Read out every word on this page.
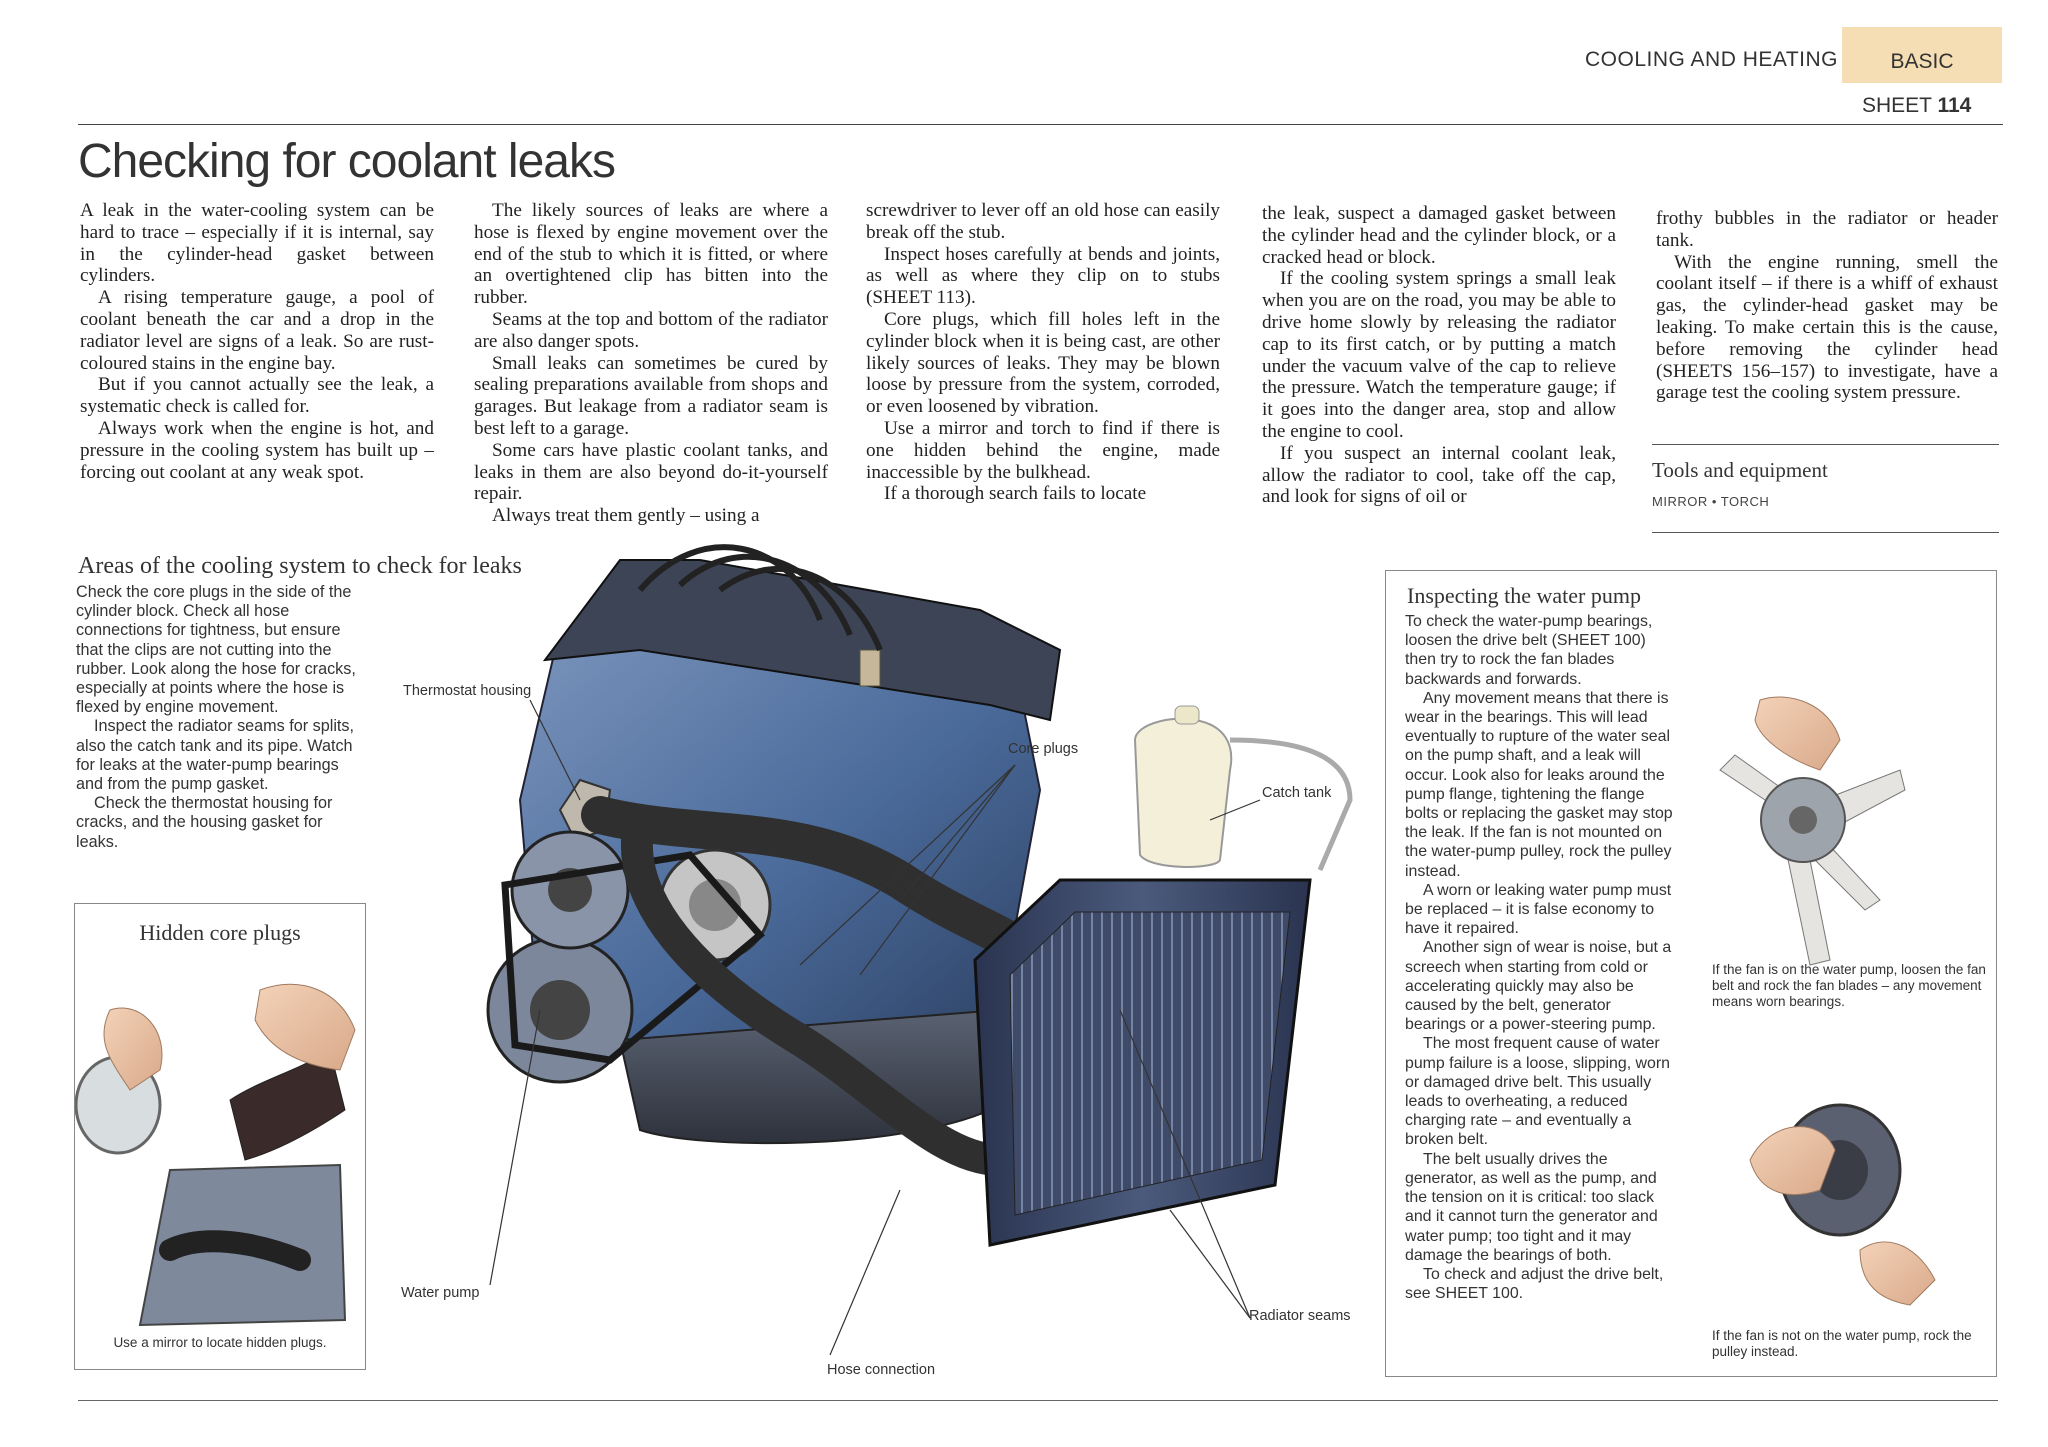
COOLING AND HEATING	BASIC
SHEET 114
Checking for coolant leaks

A leak in the water-cooling system can be hard to trace – especially if it is internal, say in the cylinder-head gasket between cylinders.

A rising temperature gauge, a pool of coolant beneath the car and a drop in the radiator level are signs of a leak. So are rust-coloured stains in the engine bay.

But if you cannot actually see the leak, a systematic check is called for.

Always work when the engine is hot, and pressure in the cooling system has built up – forcing out coolant at any weak spot.

The likely sources of leaks are where a hose is flexed by engine movement over the end of the stub to which it is fitted, or where an overtightened clip has bitten into the rubber.

Seams at the top and bottom of the radiator are also danger spots.

Small leaks can sometimes be cured by sealing preparations available from shops and garages. But leakage from a radiator seam is best left to a garage.

Some cars have plastic coolant tanks, and leaks in them are also beyond do-it-yourself repair.

Always treat them gently – using a

screwdriver to lever off an old hose can easily break off the stub.

Inspect hoses carefully at bends and joints, as well as where they clip on to stubs (SHEET 113).

Core plugs, which fill holes left in the cylinder block when it is being cast, are other likely sources of leaks. They may be blown loose by pressure from the system, corroded, or even loosened by vibration.

Use a mirror and torch to find if there is one hidden behind the engine, made inaccessible by the bulkhead.

If a thorough search fails to locate

the leak, suspect a damaged gasket between the cylinder head and the cylinder block, or a cracked head or block.

If the cooling system springs a small leak when you are on the road, you may be able to drive home slowly by releasing the radiator cap to its first catch, or by putting a match under the vacuum valve of the cap to relieve the pressure. Watch the temperature gauge; if it goes into the danger area, stop and allow the engine to cool.

If you suspect an internal coolant leak, allow the radiator to cool, take off the cap, and look for signs of oil or

frothy bubbles in the radiator or header tank.

With the engine running, smell the coolant itself – if there is a whiff of exhaust gas, the cylinder-head gasket may be leaking. To make certain this is the cause, before removing the cylinder head (SHEETS 156–157) to investigate, have a garage test the cooling system pressure.

Tools and equipment
MIRROR • TORCH
Areas of the cooling system to check for leaks

Check the core plugs in the side of the cylinder block. Check all hose connections for tightness, but ensure that the clips are not cutting into the rubber. Look along the hose for cracks, especially at points where the hose is flexed by engine movement.

Inspect the radiator seams for splits, also the catch tank and its pipe. Watch for leaks at the water-pump bearings and from the pump gasket.

Check the thermostat housing for cracks, and the housing gasket for leaks.

Thermostat housing
Core plugs
Catch tank
Water pump
Hose connection
Radiator seams
Hidden core plugs
Use a mirror to locate hidden plugs.
Inspecting the water pump

To check the water-pump bearings, loosen the drive belt (SHEET 100) then try to rock the fan blades backwards and forwards.

Any movement means that there is wear in the bearings. This will lead eventually to rupture of the water seal on the pump shaft, and a leak will occur. Look also for leaks around the pump flange, tightening the flange bolts or replacing the gasket may stop the leak. If the fan is not mounted on the water-pump pulley, rock the pulley instead.

A worn or leaking water pump must be replaced – it is false economy to have it repaired.

Another sign of wear is noise, but a screech when starting from cold or accelerating quickly may also be caused by the belt, generator bearings or a power-steering pump.

The most frequent cause of water pump failure is a loose, slipping, worn or damaged drive belt. This usually leads to overheating, a reduced charging rate – and eventually a broken belt.

The belt usually drives the generator, as well as the pump, and the tension on it is critical: too slack and it cannot turn the generator and water pump; too tight and it may damage the bearings of both.

To check and adjust the drive belt, see SHEET 100.

If the fan is on the water pump, loosen the fan belt and rock the fan blades – any movement means worn bearings.
If the fan is not on the water pump, rock the pulley instead.
